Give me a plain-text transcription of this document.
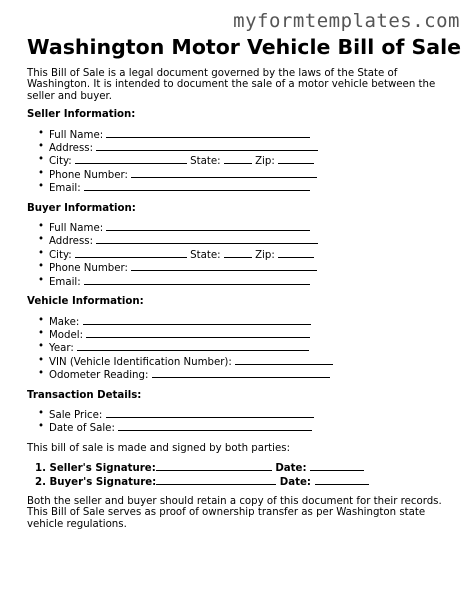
myformtemplates.com
Washington Motor Vehicle Bill of Sale

This Bill of Sale is a legal document governed by the laws of the State of Washington. It is intended to document the sale of a motor vehicle between the seller and buyer.

Seller Information:

• Full Name:
• Address:
• City:	State:	Zip:
• Phone Number:
• Email:

Buyer Information:

• Full Name:
• Address:
• City:	State:	Zip:
• Phone Number:
• Email:

Vehicle Information:

• Make:
• Model:
• Year:
• VIN (Vehicle Identification Number):
• Odometer Reading:

Transaction Details:

• Sale Price:
• Date of Sale:

This bill of sale is made and signed by both parties:

1. Seller's Signature:	Date:
2. Buyer's Signature:	Date:

Both the seller and buyer should retain a copy of this document for their records. This Bill of Sale serves as proof of ownership transfer as per Washington state vehicle regulations.
